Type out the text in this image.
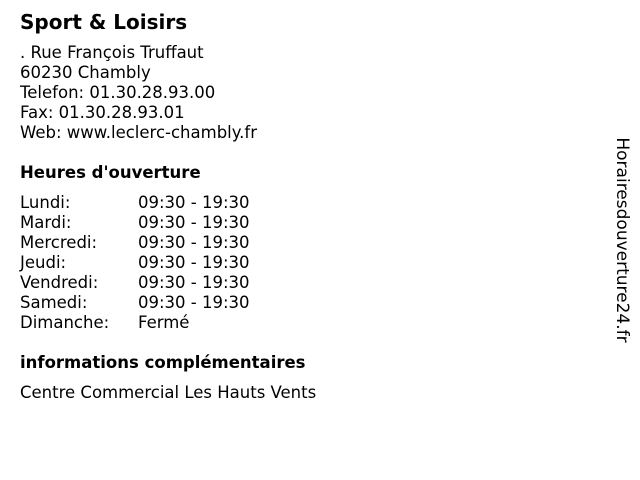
Sport & Loisirs
. Rue François Truffaut
60230 Chambly
Telefon: 01.30.28.93.00
Fax: 01.30.28.93.01
Web: www.leclerc-chambly.fr
Heures d'ouverture
Lundi:	09:30 - 19:30
Mardi:	09:30 - 19:30
Mercredi:	09:30 - 19:30
Jeudi:	09:30 - 19:30
Vendredi:	09:30 - 19:30
Samedi:	09:30 - 19:30
Dimanche:	Fermé
informations complémentaires
Centre Commercial Les Hauts Vents
Horairesdouverture24.fr
